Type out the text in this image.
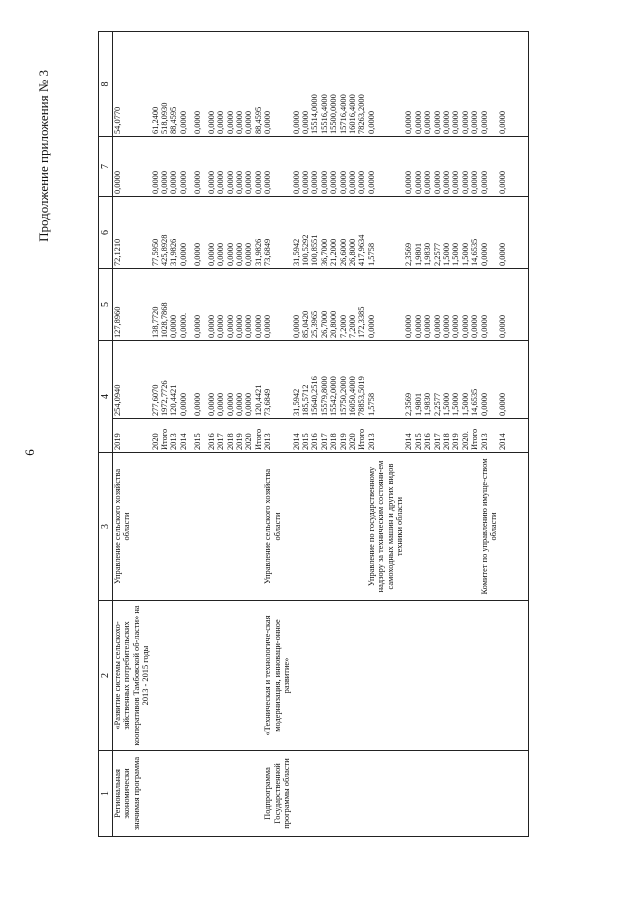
6
Продолжение приложения № 3
1	2	3	4		5	6	7	8
Региональная экономически значимая программа	«Развитие системы сельскохо-зяйственных потребительских кооперативов Тамбовской об-ласти» на 2013 - 2015 годы	Управление сельского хозяйства области	2019	254,0940	127,8960	72,1210	0,0000	54,0770
			2020	277,6070	138,7720	77,5950	0,0000	61,2400
			Итого	1972,7726	1028,7868	425,8928	0,0000	518,0930
			2013	120,4421	0,0000	31,9826	0,0000	88,4595
			2014	0,0000	0,0000.	0,0000	0,0000	0,0000
			2015	0,0000	0,0000	0,0000	0,0000	0,0000
			2016	0,0000	0,0000	0,0000	0,0000	0,0000
			2017	0,0000	0,0000	0,0000	0,0000	0,0000
			2018	0,0000	0,0000	0,0000	0,0000	0,0000
			2019	0,0000	0,0000	0,0000	0,0000	0,0000
			2020	0,0000	0,0000	0,0000	0,0000	0,0000
			Итого	120,4421	0,0000	31,9826	0,0000	88,4595
Подпрограмма Государственной программы области	«Техническая и технологиче-ская модернизация, инноваци-онное развитие»	Управление сельского хозяйства области	2013	73,6849	0,0000	73,6849	0,0000	0,0000
			2014	31,5942	0,0000	31,5942	0,0000	0,0000
			2015	185,5712	85,0420	100,5292	0,0000	0,0000
			2016	15640,2516	25,3965	100,8551	0,0000	15514,0000
			2017	15579,8000	26,7000	36,7000	0,0000	15516,4000
			2018	15542,0000	20,8000	21,2000	0,0000	15500,0000
			2019	15750,2000	7,2000	26,6000	0,0000	15716,4000
			2020	16050,4000	7,2000	26,8000	0,0000	16016,4000
			Итого	78853,5019	172,3385	417,9634	0,0000	78263,2000
		Управление по государственному надзору за техническим состояни-ем самоходных машин и других видов техники области	2013	1,5758	0,0000	1,5758	0,0000	0,0000
			2014	2,3569	0,0000	2,3569	0,0000	0,0000
			2015	1,9801	0,0000	1,9801	0,0000	0,0000
			2016	1,9830	0,0000	1,9830	0,0000	0,0000
			2017	2,2577	0,0000	2,2577	0,0000	0,0000
			2018	1,5000	0,0000	1,5000	0,0000	0,0000
			2019	1,5000	0,0000	1,5000	0,0000	0,0000
			2020.	1,5000	0,0000	1,5000	0,0000	0,0000
			Итого	14,6535	0,0000	14,6535	0,0000	0,0000
		Комитет по управлению имуще-ством области	2013	0,0000	0,0000	0,0000	0,0000	0,0000
			2014	0,0000	0,0000	0,0000	0,0000	0,0000
